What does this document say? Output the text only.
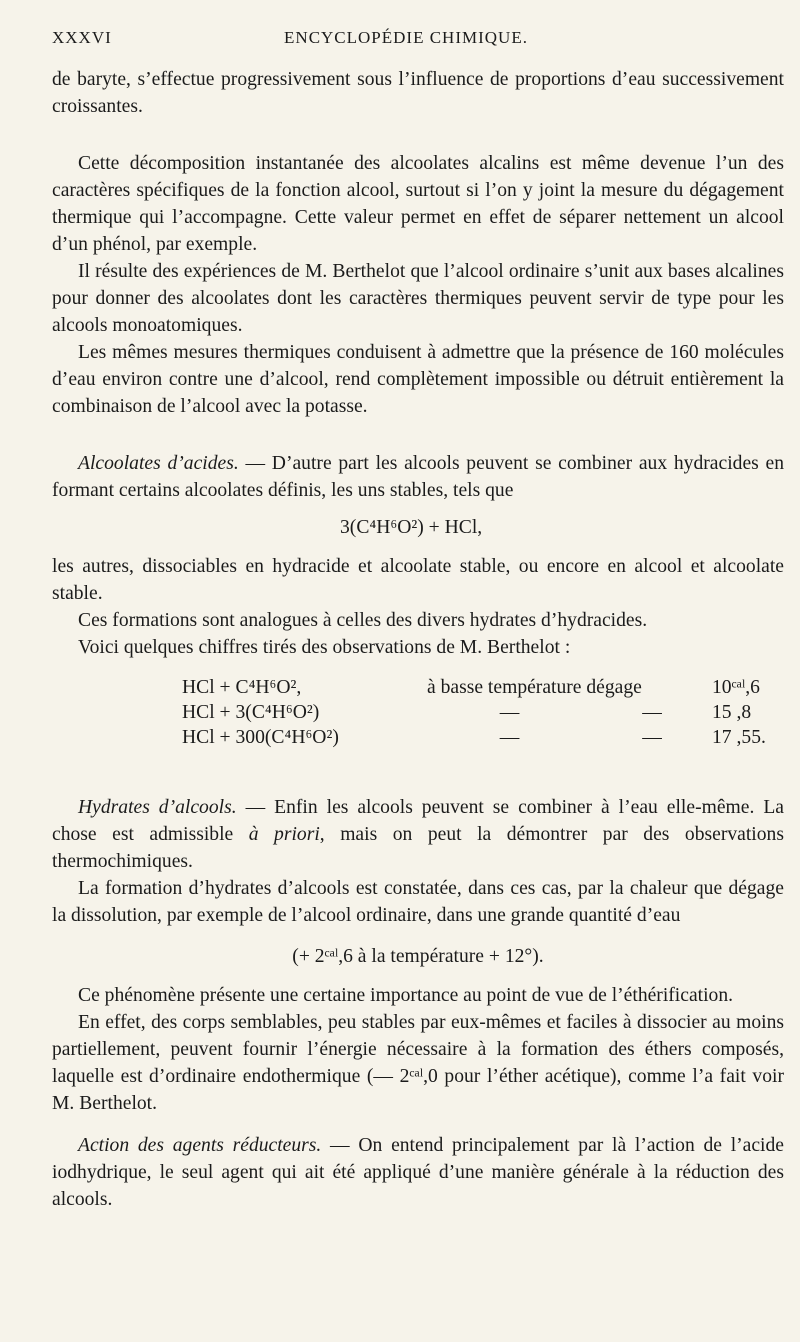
XXXVI	ENCYCLOPÉDIE CHIMIQUE.

de baryte, s’effectue progressivement sous l’influence de proportions d’eau successivement croissantes.

Cette décomposition instantanée des alcoolates alcalins est même devenue l’un des caractères spécifiques de la fonction alcool, surtout si l’on y joint la mesure du dégagement thermique qui l’accompagne. Cette valeur permet en effet de séparer nettement un alcool d’un phénol, par exemple.

Il résulte des expériences de M. Berthelot que l’alcool ordinaire s’unit aux bases alcalines pour donner des alcoolates dont les caractères thermiques peuvent servir de type pour les alcools monoatomiques.

Les mêmes mesures thermiques conduisent à admettre que la présence de 160 molécules d’eau environ contre une d’alcool, rend complètement impossible ou détruit entièrement la combinaison de l’alcool avec la potasse.

Alcoolates d’acides. — D’autre part les alcools peuvent se combiner aux hydracides en formant certains alcoolates définis, les uns stables, tels que

3(C⁴H⁶O²) + HCl,

les autres, dissociables en hydracide et alcoolate stable, ou encore en alcool et alcoolate stable.

Ces formations sont analogues à celles des divers hydrates d’hydracides.

Voici quelques chiffres tirés des observations de M. Berthelot :

HCl + C⁴H⁶O²,	à basse température dégage	10ᶜᵃˡ,6
HCl + 3(C⁴H⁶O²)	—	—	15 ,8
HCl + 300(C⁴H⁶O²)	—	—	17 ,55.

Hydrates d’alcools. — Enfin les alcools peuvent se combiner à l’eau elle-même. La chose est admissible à priori, mais on peut la démontrer par des observations thermochimiques.

La formation d’hydrates d’alcools est constatée, dans ces cas, par la chaleur que dégage la dissolution, par exemple de l’alcool ordinaire, dans une grande quantité d’eau

(+ 2ᶜᵃˡ,6 à la température + 12°).

Ce phénomène présente une certaine importance au point de vue de l’éthérification.

En effet, des corps semblables, peu stables par eux-mêmes et faciles à dissocier au moins partiellement, peuvent fournir l’énergie nécessaire à la formation des éthers composés, laquelle est d’ordinaire endothermique (— 2ᶜᵃˡ,0 pour l’éther acétique), comme l’a fait voir M. Berthelot.

Action des agents réducteurs. — On entend principalement par là l’action de l’acide iodhydrique, le seul agent qui ait été appliqué d’une manière générale à la réduction des alcools.
